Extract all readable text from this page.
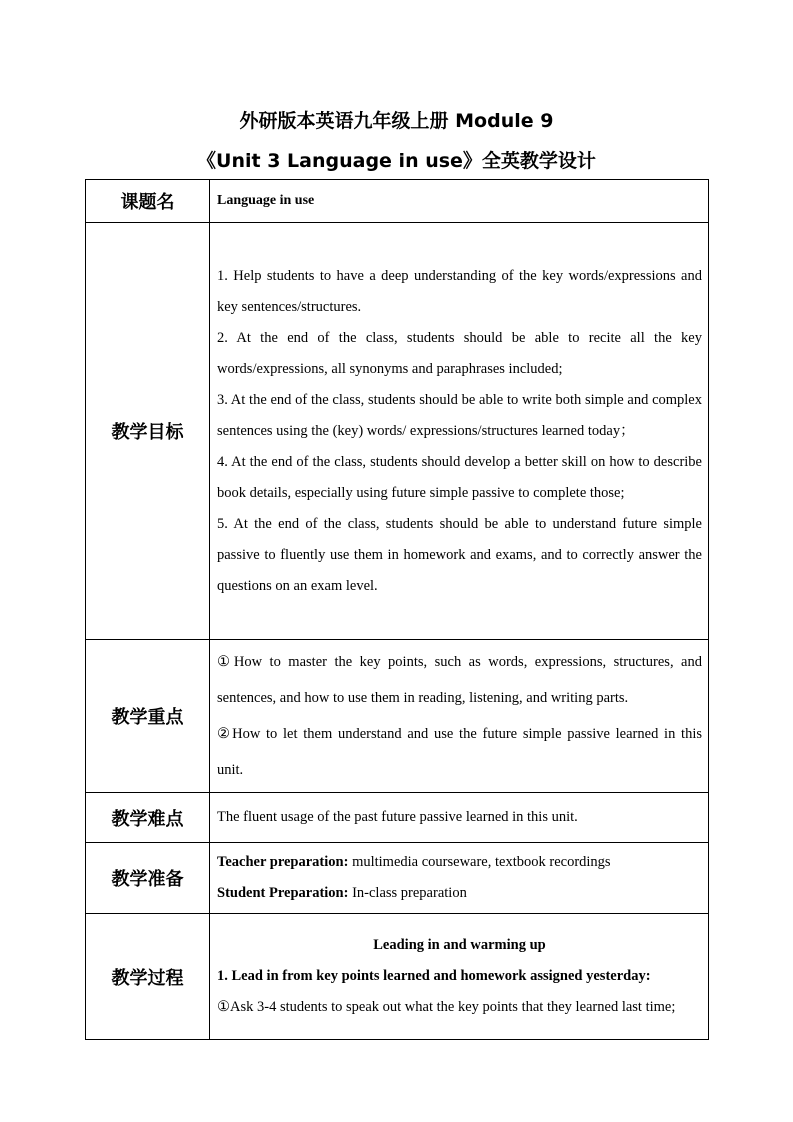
外研版本英语九年级上册 Module 9
《Unit 3 Language in use》全英教学设计
课题名	Language in use
教学目标	1. Help students to have a deep understanding of the key words/expressions and key sentences/structures.
2. At the end of the class, students should be able to recite all the key words/expressions, all synonyms and paraphrases included;
3. At the end of the class, students should be able to write both simple and complex sentences using the (key) words/ expressions/structures learned today；
4. At the end of the class, students should develop a better skill on how to describe book details, especially using future simple passive to complete those;
5. At the end of the class, students should be able to understand future simple passive to fluently use them in homework and exams, and to correctly answer the questions on an exam level.

教学重点	①How to master the key points, such as words, expressions, structures, and sentences, and how to use them in reading, listening, and writing parts.
②How to let them understand and use the future simple passive learned in this unit.

教学难点	The fluent usage of the past future passive learned in this unit.
教学准备	Teacher preparation: multimedia courseware, textbook recordings
Student Preparation: In-class preparation

教学过程	Leading in and warming up
1. Lead in from key points learned and homework assigned yesterday:
①Ask 3-4 students to speak out what the key points that they learned last time;
